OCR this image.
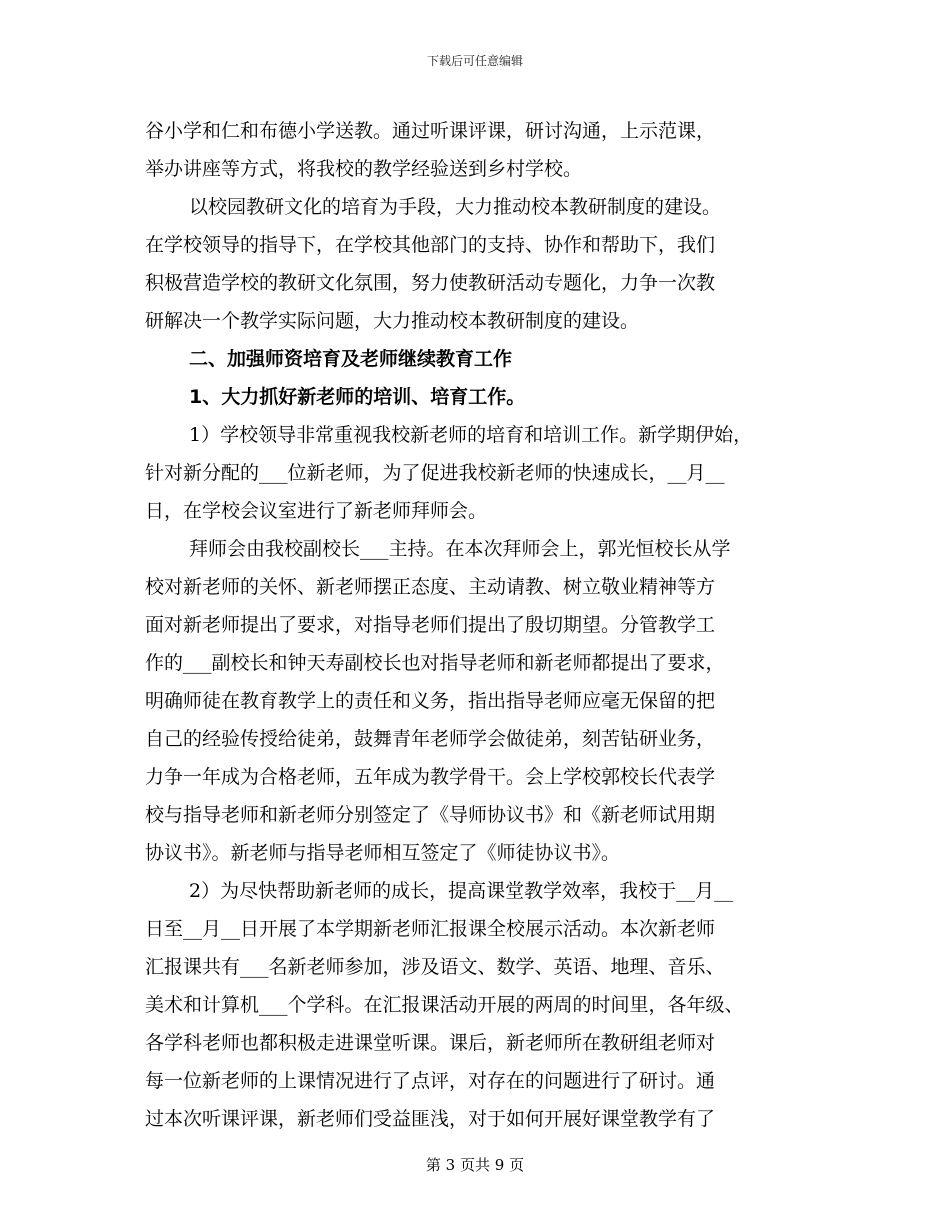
下载后可任意编辑
谷小学和仁和布德小学送教。通过听课评课，研讨沟通，上示范课，
举办讲座等方式，将我校的教学经验送到乡村学校。
以校园教研文化的培育为手段，大力推动校本教研制度的建设。
在学校领导的指导下，在学校其他部门的支持、协作和帮助下，我们
积极营造学校的教研文化氛围，努力使教研活动专题化，力争一次教
研解决一个教学实际问题，大力推动校本教研制度的建设。
二、加强师资培育及老师继续教育工作
1、大力抓好新老师的培训、培育工作。
1）学校领导非常重视我校新老师的培育和培训工作。新学期伊始，
针对新分配的___位新老师，为了促进我校新老师的快速成长，__月__
日，在学校会议室进行了新老师拜师会。
拜师会由我校副校长___主持。在本次拜师会上，郭光恒校长从学
校对新老师的关怀、新老师摆正态度、主动请教、树立敬业精神等方
面对新老师提出了要求，对指导老师们提出了殷切期望。分管教学工
作的___副校长和钟天寿副校长也对指导老师和新老师都提出了要求，
明确师徒在教育教学上的责任和义务，指出指导老师应毫无保留的把
自己的经验传授给徒弟，鼓舞青年老师学会做徒弟，刻苦钻研业务，
力争一年成为合格老师，五年成为教学骨干。会上学校郭校长代表学
校与指导老师和新老师分别签定了《导师协议书》和《新老师试用期
协议书》。新老师与指导老师相互签定了《师徒协议书》。
2）为尽快帮助新老师的成长，提高课堂教学效率，我校于__月__
日至__月__日开展了本学期新老师汇报课全校展示活动。本次新老师
汇报课共有___名新老师参加，涉及语文、数学、英语、地理、音乐、
美术和计算机___个学科。在汇报课活动开展的两周的时间里，各年级、
各学科老师也都积极走进课堂听课。课后，新老师所在教研组老师对
每一位新老师的上课情况进行了点评，对存在的问题进行了研讨。通
过本次听课评课，新老师们受益匪浅，对于如何开展好课堂教学有了
第 3 页共 9 页
